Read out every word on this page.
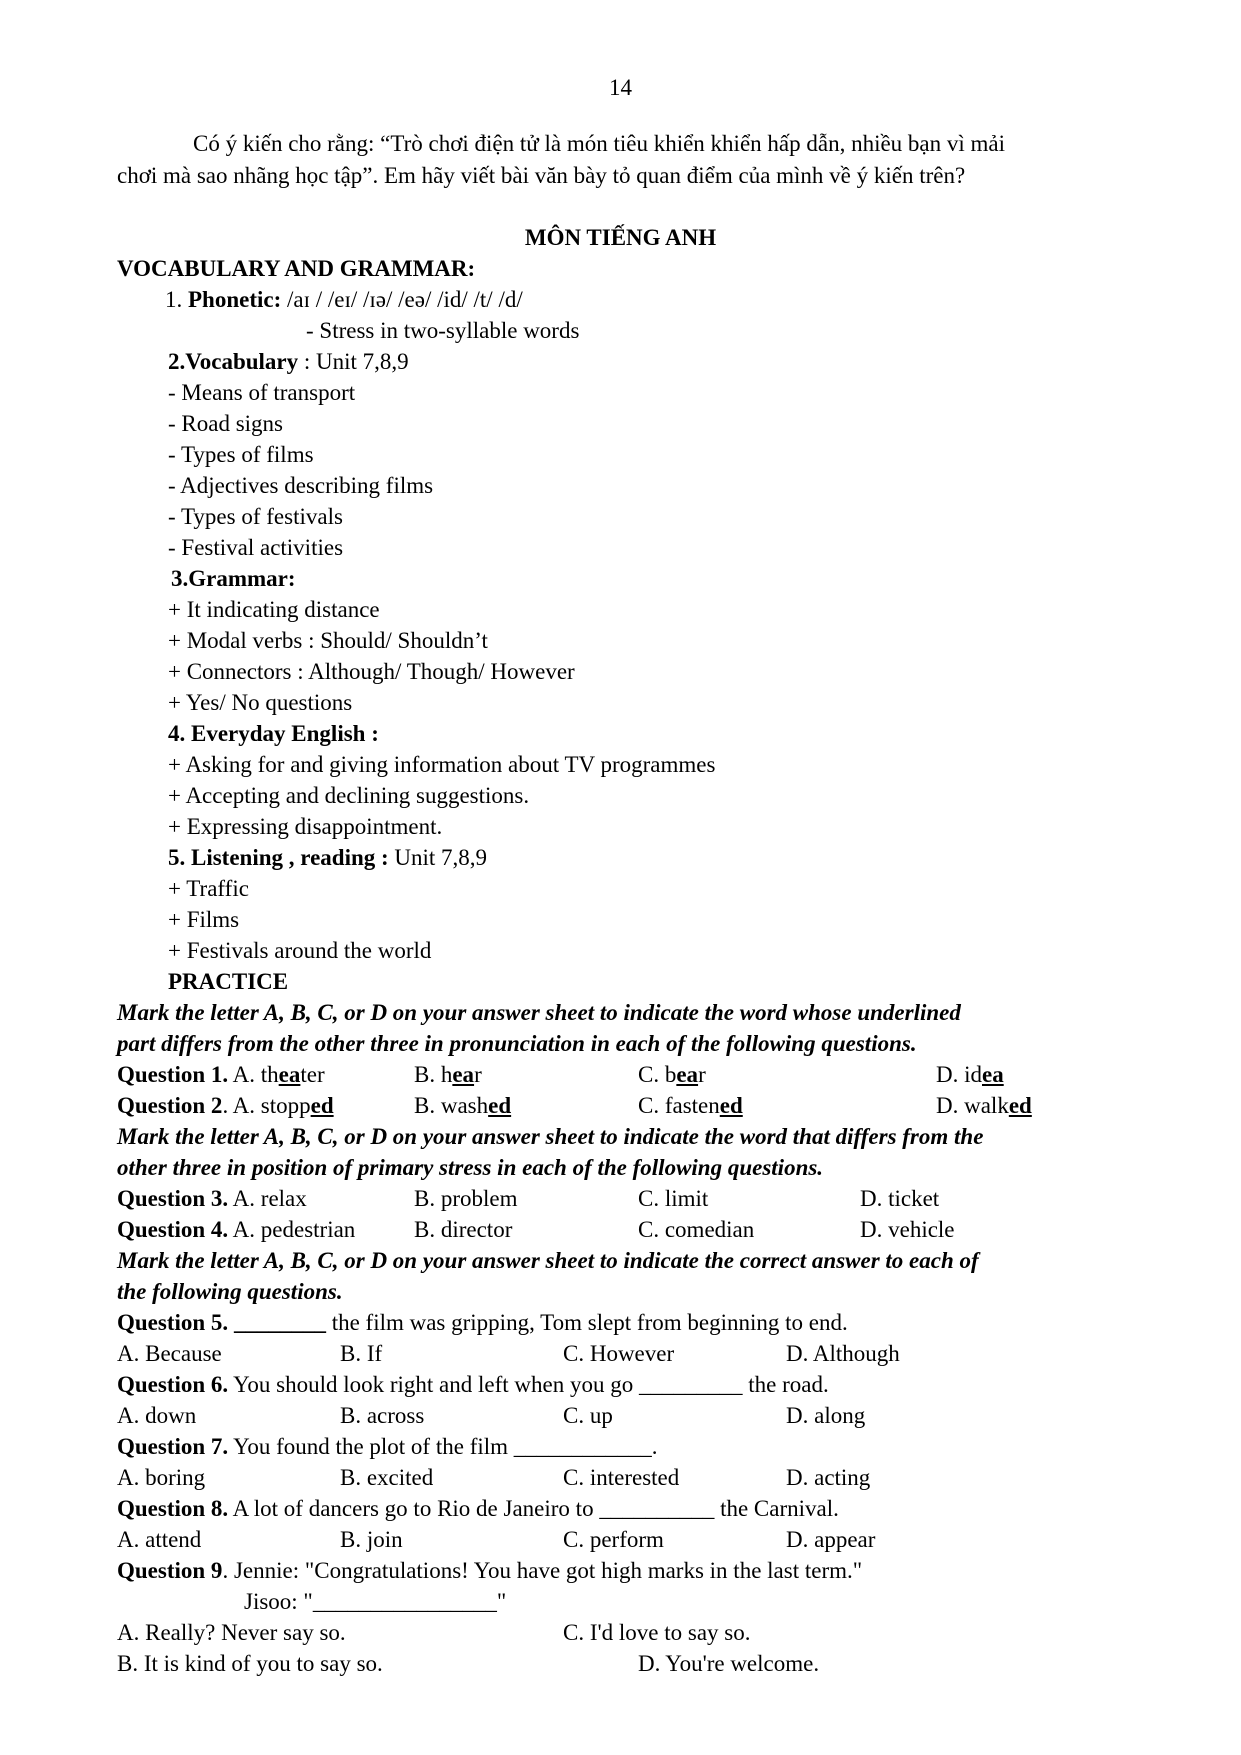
14
Có ý kiến cho rằng: “Trò chơi điện tử là món tiêu khiển khiển hấp dẫn, nhiều bạn vì mải
chơi mà sao nhãng học tập”. Em hãy viết bài văn bày tỏ quan điểm của mình về ý kiến trên?
MÔN TIẾNG ANH
VOCABULARY AND GRAMMAR:
1. Phonetic: /aɪ / /eɪ/ /ɪə/ /eə/ /id/ /t/ /d/
- Stress in two-syllable words
2.Vocabulary : Unit 7,8,9
- Means of transport
- Road signs
- Types of films
- Adjectives describing films
- Types of festivals
- Festival activities
3.Grammar:
+ It indicating distance
+ Modal verbs : Should/ Shouldn’t
+ Connectors : Although/ Though/ However
+ Yes/ No questions
4. Everyday English :
+ Asking for and giving information about TV programmes
+ Accepting and declining suggestions.
+ Expressing disappointment.
5. Listening , reading : Unit 7,8,9
+ Traffic
+ Films
+ Festivals around the world
PRACTICE
Mark the letter A, B, C, or D on your answer sheet to indicate the word whose underlined
part differs from the other three in pronunciation in each of the following questions.
Question 1. A. theater	B. hear	C. bear	D. idea
Question 2. A. stopped	B. washed	C. fastened	D. walked
Mark the letter A, B, C, or D on your answer sheet to indicate the word that differs from the
other three in position of primary stress in each of the following questions.
Question 3. A. relax	B. problem	C. limit	D. ticket
Question 4. A. pedestrian	B. director	C. comedian	D. vehicle
Mark the letter A, B, C, or D on your answer sheet to indicate the correct answer to each of
the following questions.
Question 5. ________ the film was gripping, Tom slept from beginning to end.
A. Because	B. If	C. However	D. Although
Question 6. You should look right and left when you go _________ the road.
A. down	B. across	C. up	D. along
Question 7. You found the plot of the film ____________.
A. boring	B. excited	C. interested	D. acting
Question 8. A lot of dancers go to Rio de Janeiro to __________ the Carnival.
A. attend	B. join	C. perform	D. appear
Question 9. Jennie: "Congratulations! You have got high marks in the last term."
Jisoo: "________________"
A. Really? Never say so.	C. I'd love to say so.
B. It is kind of you to say so.	D. You're welcome.
